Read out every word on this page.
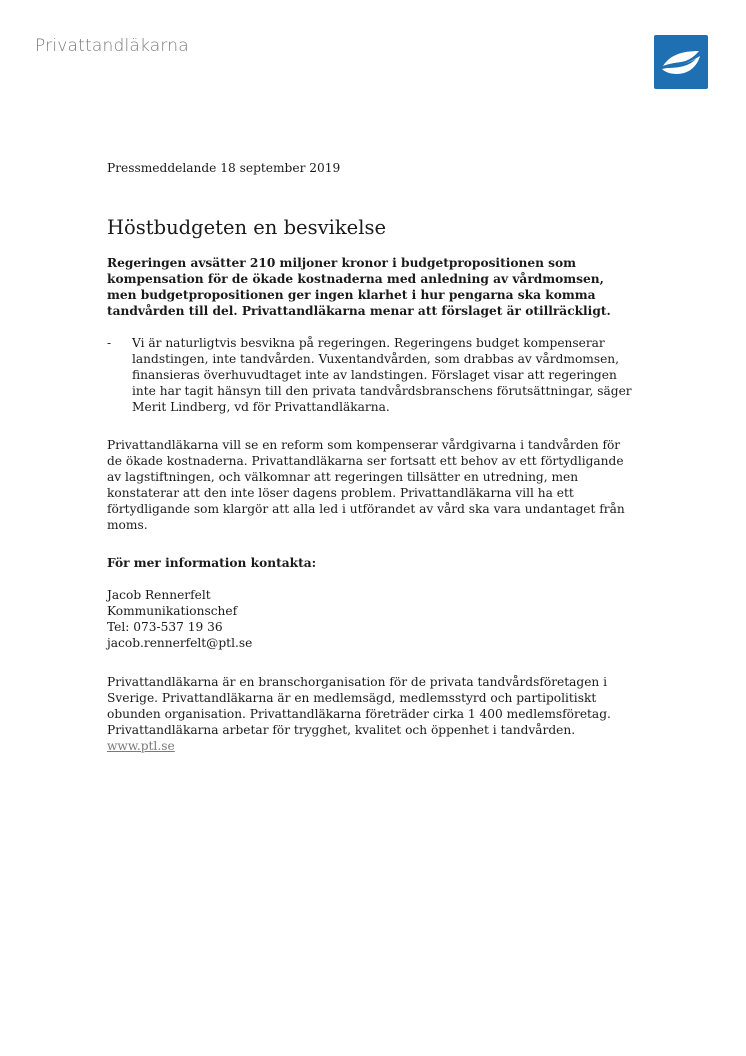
Privattandläkarna

Pressmeddelande 18 september 2019

Höstbudgeten en besvikelse

Regeringen avsätter 210 miljoner kronor i budgetpropositionen som kompensation för de ökade kostnaderna med anledning av vårdmomsen, men budgetpropositionen ger ingen klarhet i hur pengarna ska komma tandvården till del. Privattandläkarna menar att förslaget är otillräckligt.

- Vi är naturligtvis besvikna på regeringen. Regeringens budget kompenserar landstingen, inte tandvården. Vuxentandvården, som drabbas av vårdmomsen, finansieras överhuvudtaget inte av landstingen. Förslaget visar att regeringen inte har tagit hänsyn till den privata tandvårdsbranschens förutsättningar, säger Merit Lindberg, vd för Privattandläkarna.

Privattandläkarna vill se en reform som kompenserar vårdgivarna i tandvården för de ökade kostnaderna. Privattandläkarna ser fortsatt ett behov av ett förtydligande av lagstiftningen, och välkomnar att regeringen tillsätter en utredning, men konstaterar att den inte löser dagens problem. Privattandläkarna vill ha ett förtydligande som klargör att alla led i utförandet av vård ska vara undantaget från moms.

För mer information kontakta:

Jacob Rennerfelt
Kommunikationschef
Tel: 073-537 19 36
jacob.rennerfelt@ptl.se

Privattandläkarna är en branschorganisation för de privata tandvårdsföretagen i Sverige. Privattandläkarna är en medlemsägd, medlemsstyrd och partipolitiskt obunden organisation. Privattandläkarna företräder cirka 1 400 medlemsföretag. Privattandläkarna arbetar för trygghet, kvalitet och öppenhet i tandvården. www.ptl.se
